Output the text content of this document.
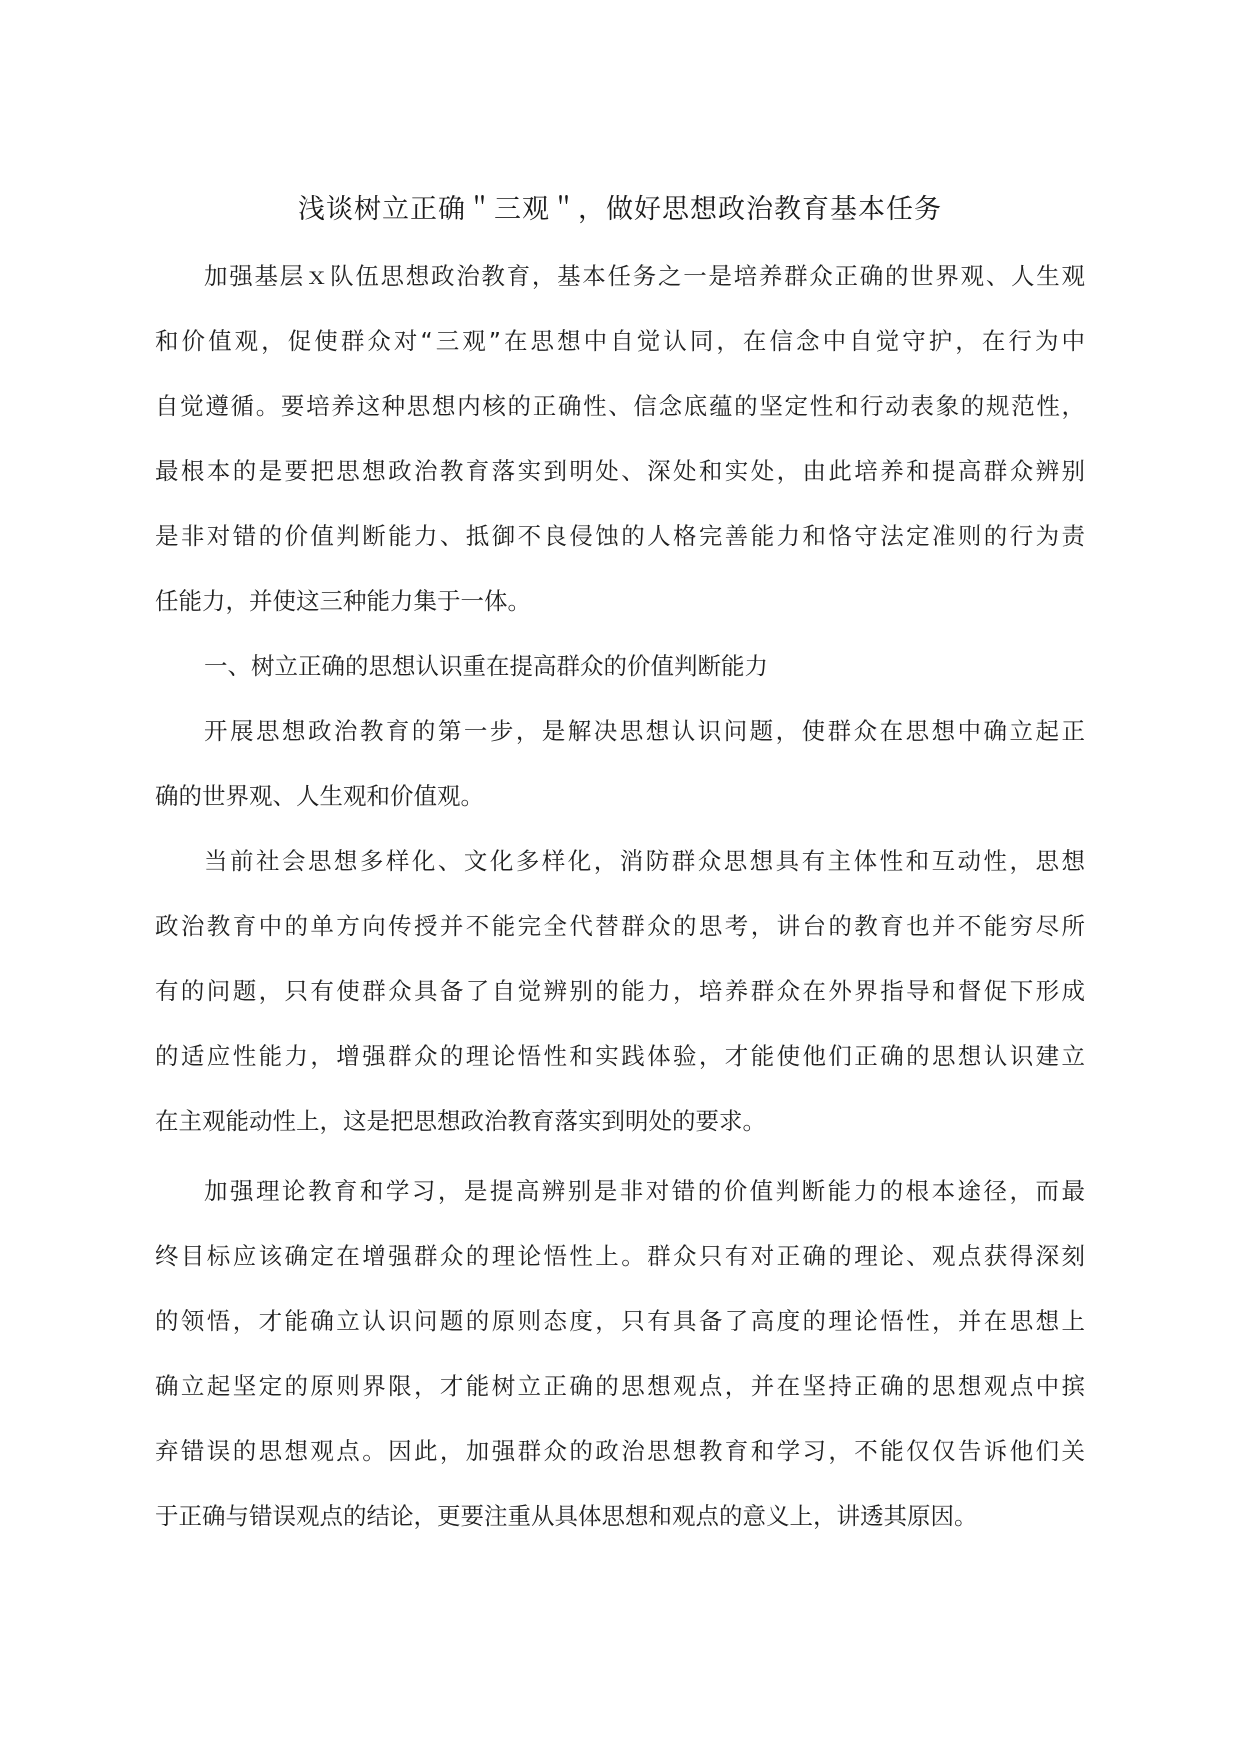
浅谈树立正确＂三观＂，做好思想政治教育基本任务

加强基层ｘ队伍思想政治教育，基本任务之一是培养群众正确的世界观、人生观

和价值观，促使群众对“三观”在思想中自觉认同，在信念中自觉守护，在行为中

自觉遵循。要培养这种思想内核的正确性、信念底蕴的坚定性和行动表象的规范性，

最根本的是要把思想政治教育落实到明处、深处和实处，由此培养和提高群众辨别

是非对错的价值判断能力、抵御不良侵蚀的人格完善能力和恪守法定准则的行为责

任能力，并使这三种能力集于一体。

一、树立正确的思想认识重在提高群众的价值判断能力

开展思想政治教育的第一步，是解决思想认识问题，使群众在思想中确立起正

确的世界观、人生观和价值观。

当前社会思想多样化、文化多样化，消防群众思想具有主体性和互动性，思想

政治教育中的单方向传授并不能完全代替群众的思考，讲台的教育也并不能穷尽所

有的问题，只有使群众具备了自觉辨别的能力，培养群众在外界指导和督促下形成

的适应性能力，增强群众的理论悟性和实践体验，才能使他们正确的思想认识建立

在主观能动性上，这是把思想政治教育落实到明处的要求。

加强理论教育和学习，是提高辨别是非对错的价值判断能力的根本途径，而最

终目标应该确定在增强群众的理论悟性上。群众只有对正确的理论、观点获得深刻

的领悟，才能确立认识问题的原则态度，只有具备了高度的理论悟性，并在思想上

确立起坚定的原则界限，才能树立正确的思想观点，并在坚持正确的思想观点中摈

弃错误的思想观点。因此，加强群众的政治思想教育和学习，不能仅仅告诉他们关

于正确与错误观点的结论，更要注重从具体思想和观点的意义上，讲透其原因。
